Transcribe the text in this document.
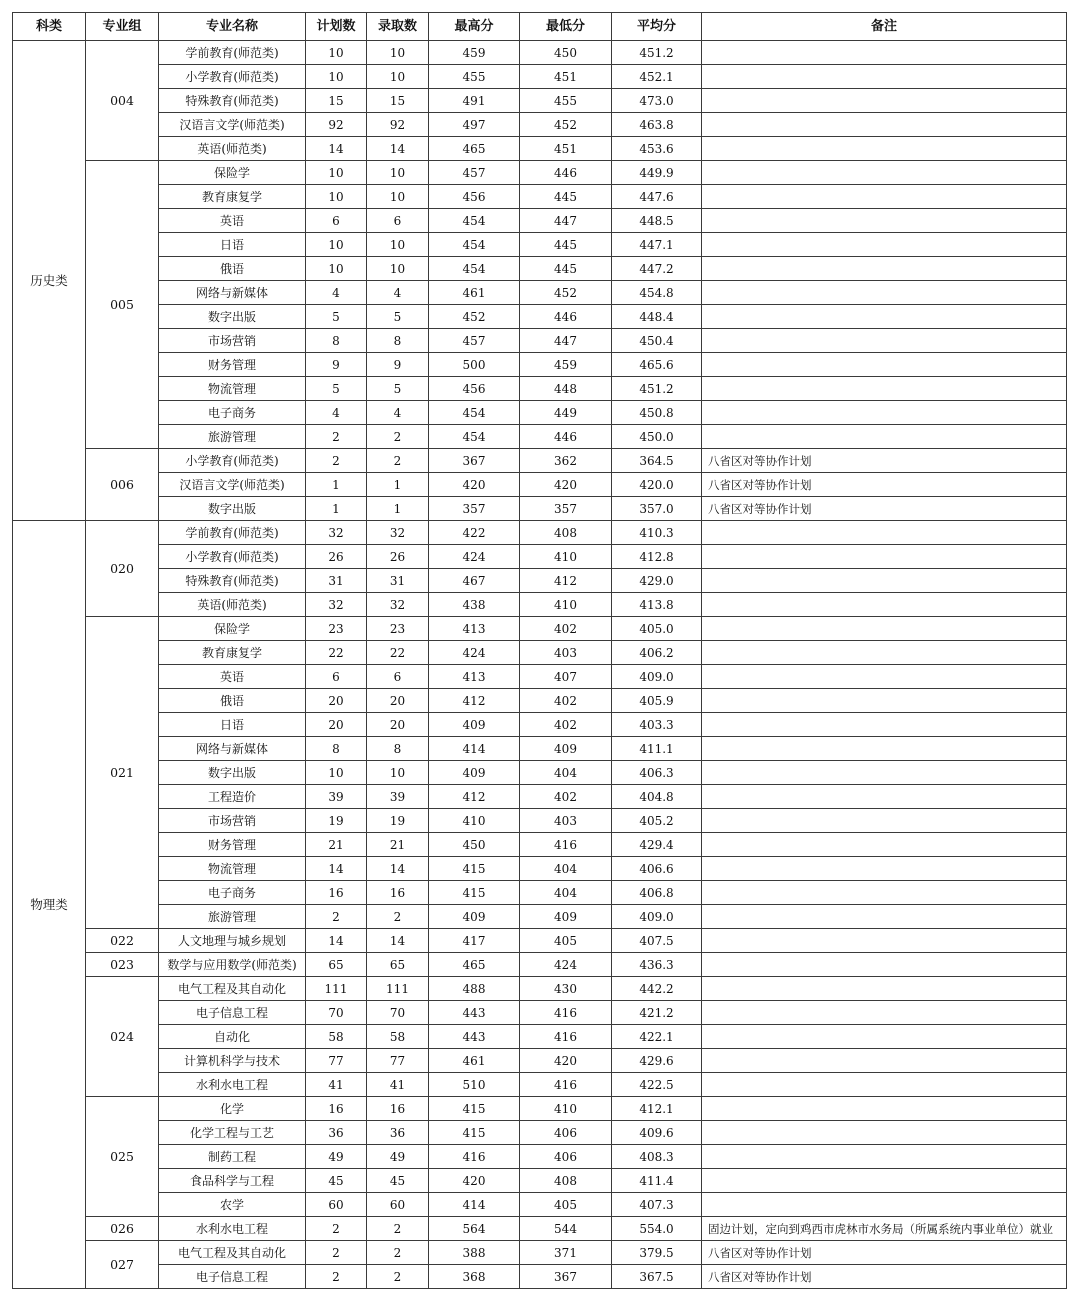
科类	专业组	专业名称	计划数	录取数	最高分	最低分	平均分	备注
历史类	004	学前教育(师范类)	10	10	459	450	451.2	
		小学教育(师范类)	10	10	455	451	452.1	
		特殊教育(师范类)	15	15	491	455	473.0	
		汉语言文学(师范类)	92	92	497	452	463.8	
		英语(师范类)	14	14	465	451	453.6	
	005	保险学	10	10	457	446	449.9	
		教育康复学	10	10	456	445	447.6	
		英语	6	6	454	447	448.5	
		日语	10	10	454	445	447.1	
		俄语	10	10	454	445	447.2	
		网络与新媒体	4	4	461	452	454.8	
		数字出版	5	5	452	446	448.4	
		市场营销	8	8	457	447	450.4	
		财务管理	9	9	500	459	465.6	
		物流管理	5	5	456	448	451.2	
		电子商务	4	4	454	449	450.8	
		旅游管理	2	2	454	446	450.0	
	006	小学教育(师范类)	2	2	367	362	364.5	八省区对等协作计划
		汉语言文学(师范类)	1	1	420	420	420.0	八省区对等协作计划
		数字出版	1	1	357	357	357.0	八省区对等协作计划
物理类	020	学前教育(师范类)	32	32	422	408	410.3	
		小学教育(师范类)	26	26	424	410	412.8	
		特殊教育(师范类)	31	31	467	412	429.0	
		英语(师范类)	32	32	438	410	413.8	
	021	保险学	23	23	413	402	405.0	
		教育康复学	22	22	424	403	406.2	
		英语	6	6	413	407	409.0	
		俄语	20	20	412	402	405.9	
		日语	20	20	409	402	403.3	
		网络与新媒体	8	8	414	409	411.1	
		数字出版	10	10	409	404	406.3	
		工程造价	39	39	412	402	404.8	
		市场营销	19	19	410	403	405.2	
		财务管理	21	21	450	416	429.4	
		物流管理	14	14	415	404	406.6	
		电子商务	16	16	415	404	406.8	
		旅游管理	2	2	409	409	409.0	
	022	人文地理与城乡规划	14	14	417	405	407.5	
	023	数学与应用数学(师范类)	65	65	465	424	436.3	
	024	电气工程及其自动化	111	111	488	430	442.2	
		电子信息工程	70	70	443	416	421.2	
		自动化	58	58	443	416	422.1	
		计算机科学与技术	77	77	461	420	429.6	
		水利水电工程	41	41	510	416	422.5	
	025	化学	16	16	415	410	412.1	
		化学工程与工艺	36	36	415	406	409.6	
		制药工程	49	49	416	406	408.3	
		食品科学与工程	45	45	420	408	411.4	
		农学	60	60	414	405	407.3	
	026	水利水电工程	2	2	564	544	554.0	固边计划，定向到鸡西市虎林市水务局（所属系统内事业单位）就业
	027	电气工程及其自动化	2	2	388	371	379.5	八省区对等协作计划
		电子信息工程	2	2	368	367	367.5	八省区对等协作计划
